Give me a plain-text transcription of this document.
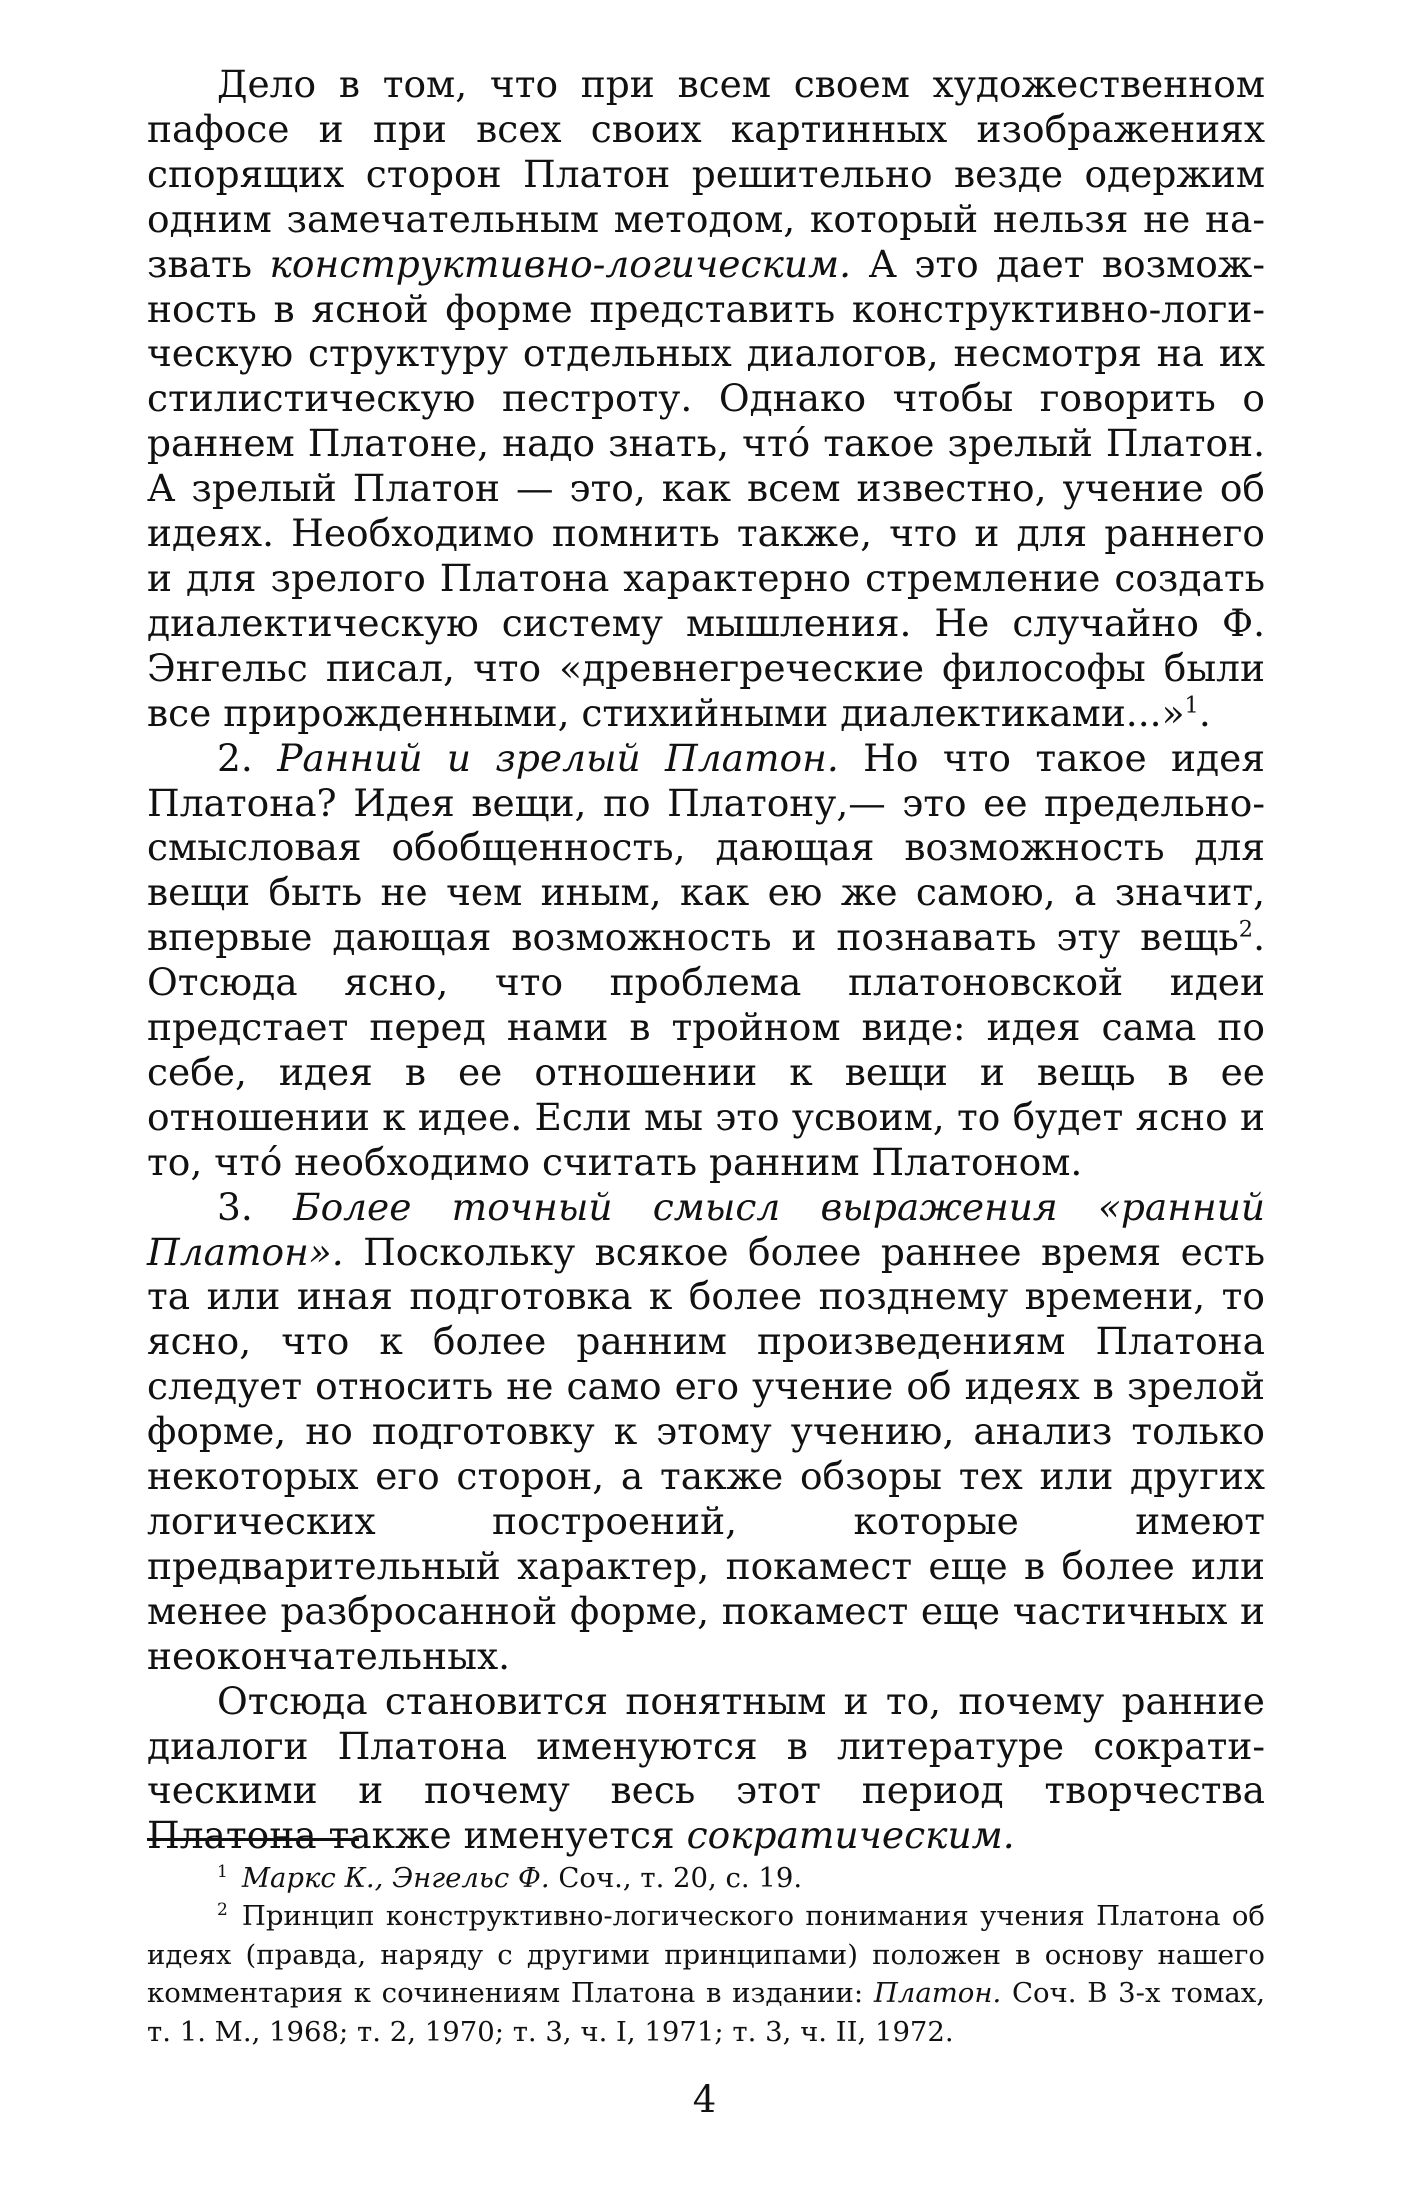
Дело в том, что при всем своем художественном пафосе и при всех своих картинных изображениях спорящих сторон Платон решительно везде одержим одним замечательным методом, который нельзя не назвать конструктивно-логическим. А это дает возможность в ясной форме представить конструктивно-логическую структуру отдельных диалогов, несмотря на их стилистическую пестроту. Однако чтобы говорить о раннем Платоне, надо знать, что́ такое зрелый Платон. А зрелый Платон — это, как всем известно, учение об идеях. Необходимо помнить также, что и для раннего и для зрелого Платона характерно стремление создать диалектическую систему мышления. Не случайно Ф. Энгельс писал, что «древнегреческие философы были все прирожденными, стихийными диалектиками...»$^1$.

2. Ранний и зрелый Платон. Но что такое идея Платона? Идея вещи, по Платону,— это ее предельно-смысловая обобщенность, дающая возможность для вещи быть не чем иным, как ею же самою, а значит, впервые дающая возможность и познавать эту вещь$^2$. Отсюда ясно, что проблема платоновской идеи предстает перед нами в тройном виде: идея сама по себе, идея в ее отношении к вещи и вещь в ее отношении к идее. Если мы это усвоим, то будет ясно и то, что́ необходимо считать ранним Платоном.

3. Более точный смысл выражения «ранний Платон». Поскольку всякое более раннее время есть та или иная подготовка к более позднему времени, то ясно, что к более ранним произведениям Платона следует относить не само его учение об идеях в зрелой форме, но подготовку к этому учению, анализ только некоторых его сторон, а также обзоры тех или других логических построений, которые имеют предварительный характер, покамест еще в более или менее разбросанной форме, покамест еще частичных и неокончательных.

Отсюда становится понятным и то, почему ранние диалоги Платона именуются в литературе сократическими и почему весь этот период творчества Платона также именуется сократическим.

$^1$ Маркс К., Энгельс Ф. Соч., т. 20, с. 19.

$^2$ Принцип конструктивно-логического понимания учения Платона об идеях (правда, наряду с другими принципами) положен в основу нашего комментария к сочинениям Платона в издании: Платон. Соч. В 3-х томах, т. 1. М., 1968; т. 2, 1970; т. 3, ч. I, 1971; т. 3, ч. II, 1972.

4
